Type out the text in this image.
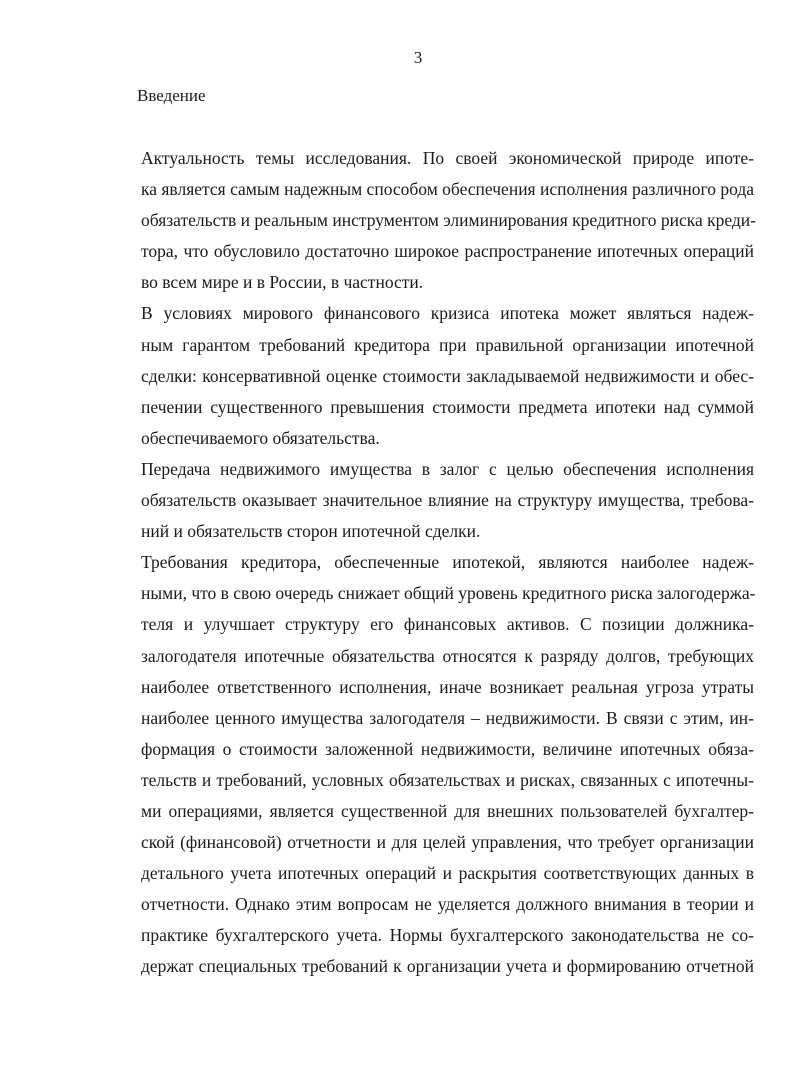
3
Введение

Актуальность темы исследования. По своей экономической природе ипоте-
ка является самым надежным способом обеспечения исполнения различного рода
обязательств и реальным инструментом элиминирования кредитного риска креди-
тора, что обусловило достаточно широкое распространение ипотечных операций
во всем мире и в России, в частности.

В условиях мирового финансового кризиса ипотека может являться надеж-
ным гарантом требований кредитора при правильной организации ипотечной
сделки: консервативной оценке стоимости закладываемой недвижимости и обес-
печении существенного превышения стоимости предмета ипотеки над суммой
обеспечиваемого обязательства.

Передача недвижимого имущества в залог с целью обеспечения исполнения
обязательств оказывает значительное влияние на структуру имущества, требова-
ний и обязательств сторон ипотечной сделки.

Требования кредитора, обеспеченные ипотекой, являются наиболее надеж-
ными, что в свою очередь снижает общий уровень кредитного риска залогодержа-
теля и улучшает структуру его финансовых активов. С позиции должника-
залогодателя ипотечные обязательства относятся к разряду долгов, требующих
наиболее ответственного исполнения, иначе возникает реальная угроза утраты
наиболее ценного имущества залогодателя – недвижимости. В связи с этим, ин-
формация о стоимости заложенной недвижимости, величине ипотечных обяза-
тельств и требований, условных обязательствах и рисках, связанных с ипотечны-
ми операциями, является существенной для внешних пользователей бухгалтер-
ской (финансовой) отчетности и для целей управления, что требует организации
детального учета ипотечных операций и раскрытия соответствующих данных в
отчетности. Однако этим вопросам не уделяется должного внимания в теории и
практике бухгалтерского учета. Нормы бухгалтерского законодательства не со-
держат специальных требований к организации учета и формированию отчетной
